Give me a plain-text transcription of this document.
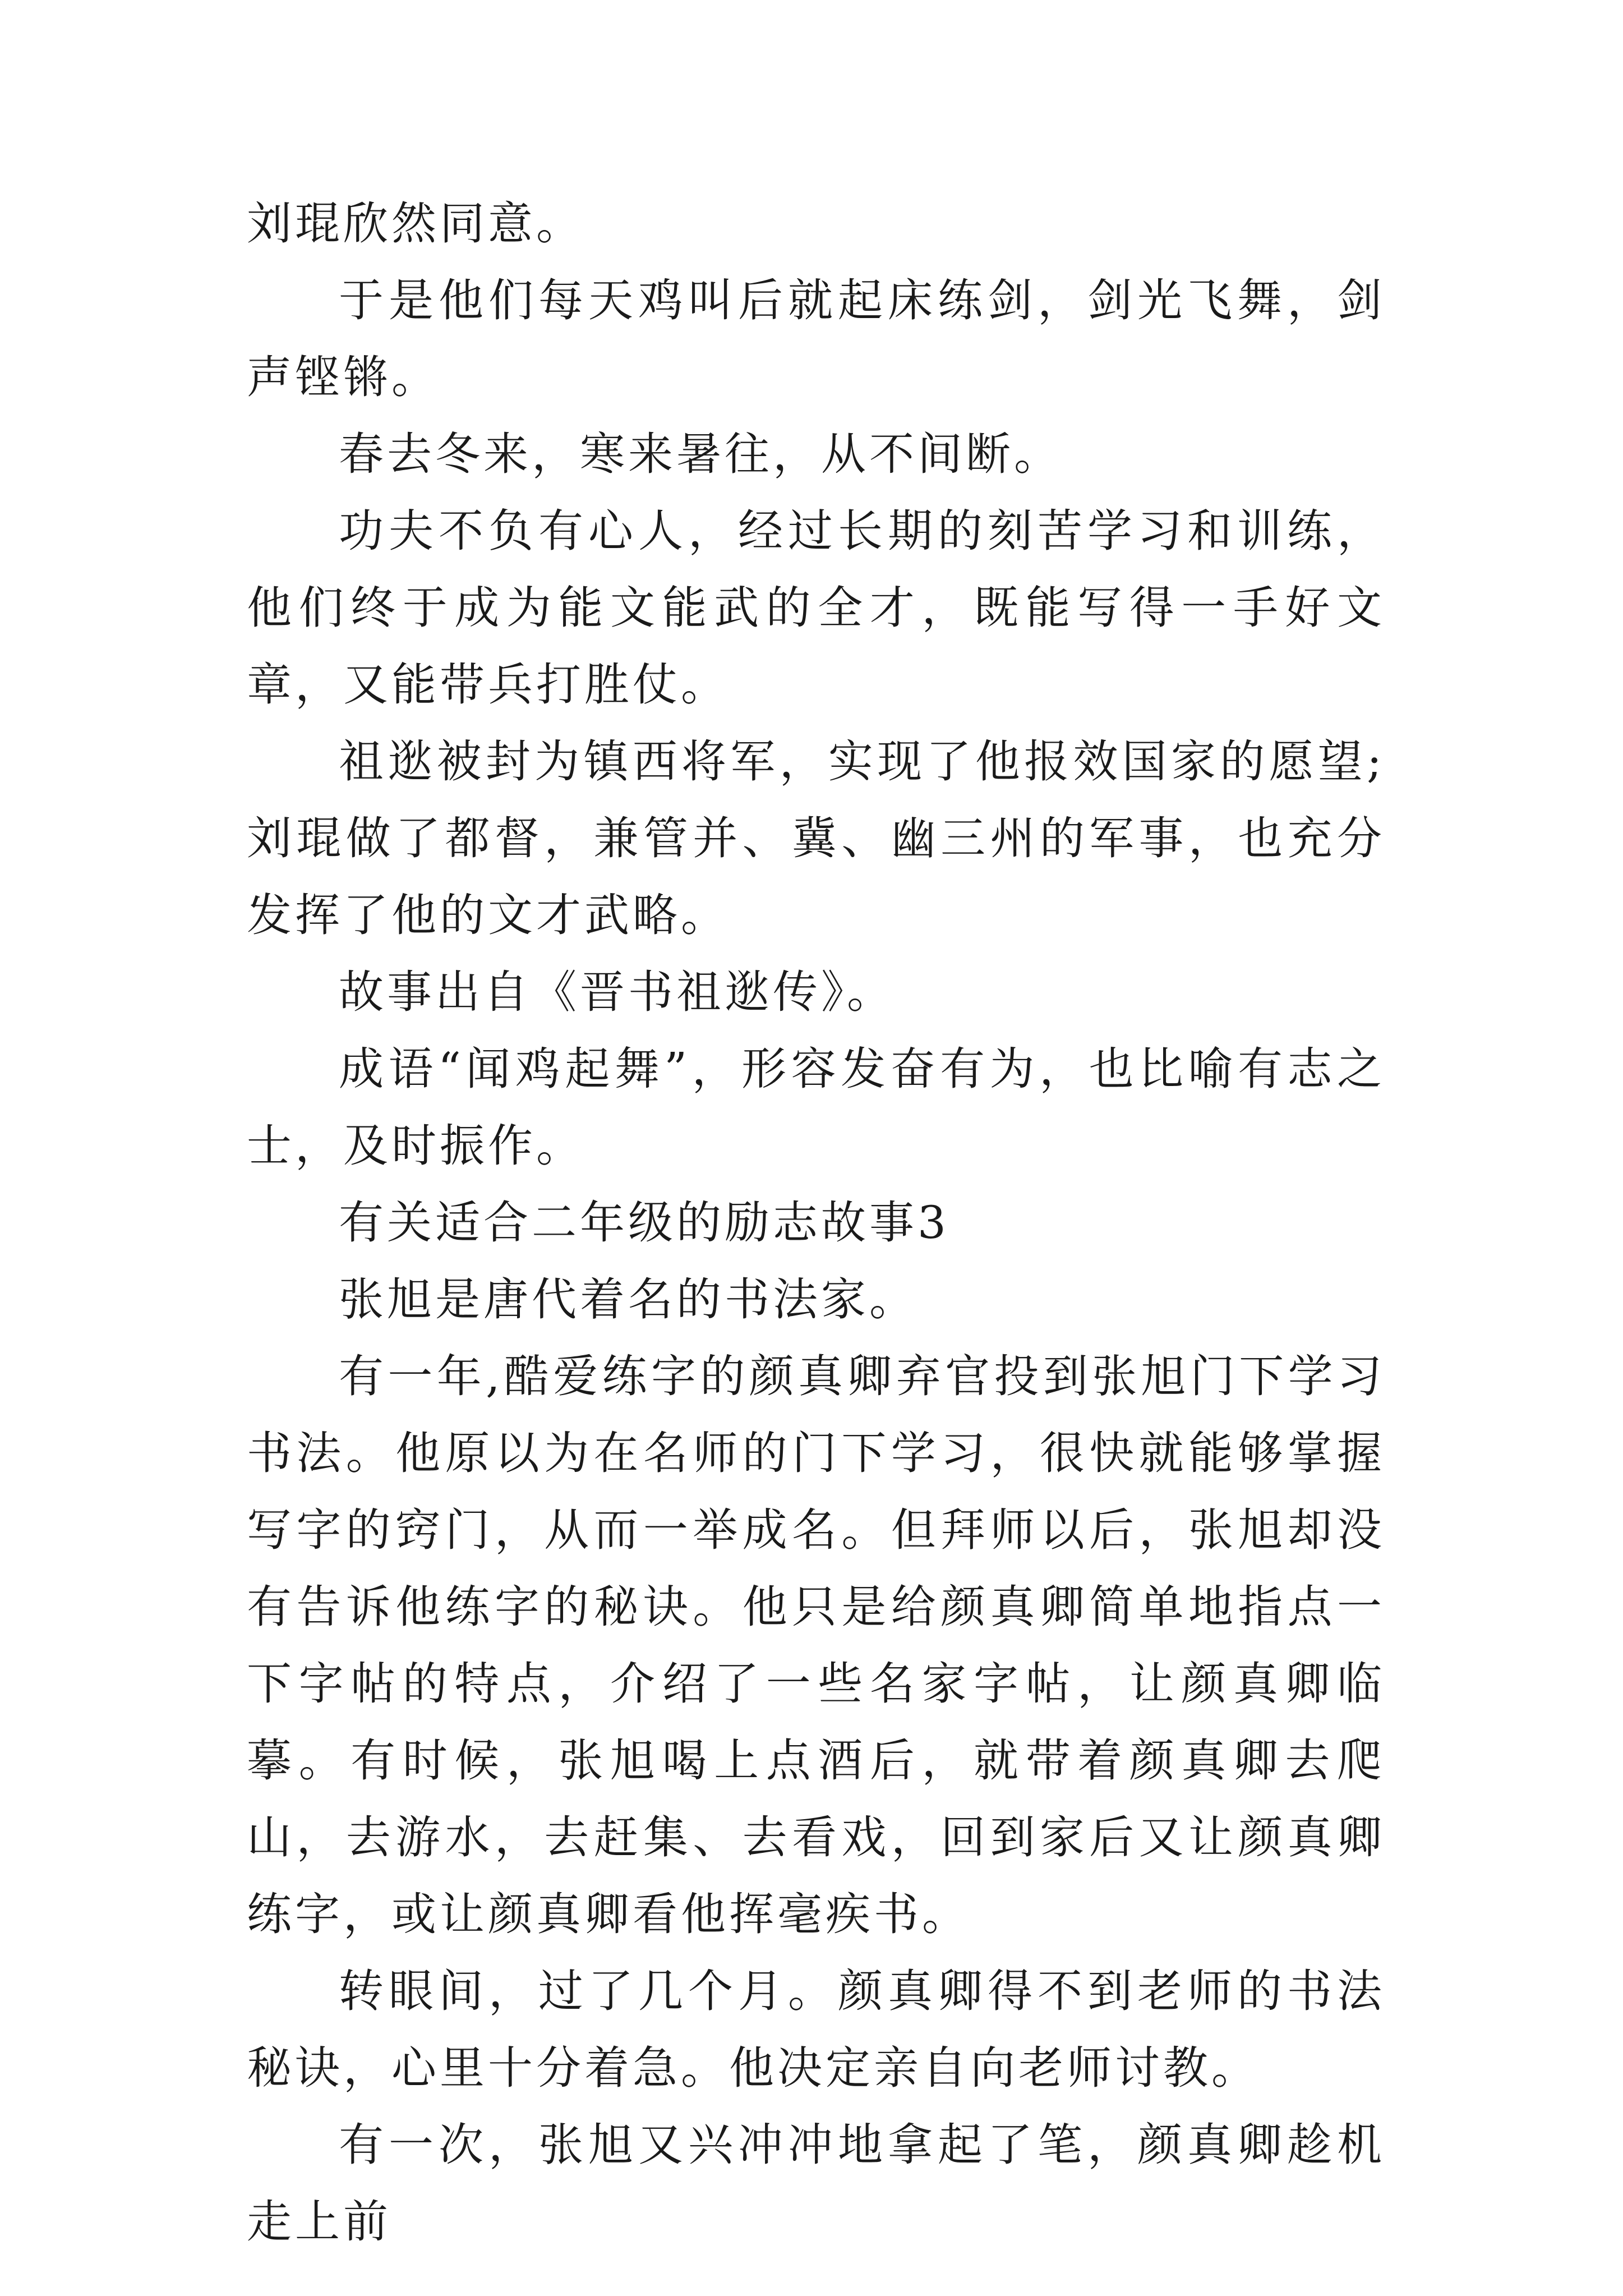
刘琨欣然同意。

于是他们每天鸡叫后就起床练剑，剑光飞舞，剑声铿锵。

春去冬来，寒来暑往，从不间断。

功夫不负有心人，经过长期的刻苦学习和训练，他们终于成为能文能武的全才，既能写得一手好文章，又能带兵打胜仗。

祖逖被封为镇西将军，实现了他报效国家的愿望;刘琨做了都督，兼管并、冀、幽三州的军事，也充分发挥了他的文才武略。

故事出自《晋书祖逖传》。

成语“闻鸡起舞”，形容发奋有为，也比喻有志之士，及时振作。

有关适合二年级的励志故事3

张旭是唐代着名的书法家。

有一年,酷爱练字的颜真卿弃官投到张旭门下学习书法。他原以为在名师的门下学习，很快就能够掌握写字的窍门，从而一举成名。但拜师以后，张旭却没有告诉他练字的秘诀。他只是给颜真卿简单地指点一下字帖的特点，介绍了一些名家字帖，让颜真卿临摹。有时候，张旭喝上点酒后，就带着颜真卿去爬山，去游水，去赶集、去看戏，回到家后又让颜真卿练字，或让颜真卿看他挥毫疾书。

转眼间，过了几个月。颜真卿得不到老师的书法秘诀，心里十分着急。他决定亲自向老师讨教。

有一次，张旭又兴冲冲地拿起了笔，颜真卿趁机走上前
